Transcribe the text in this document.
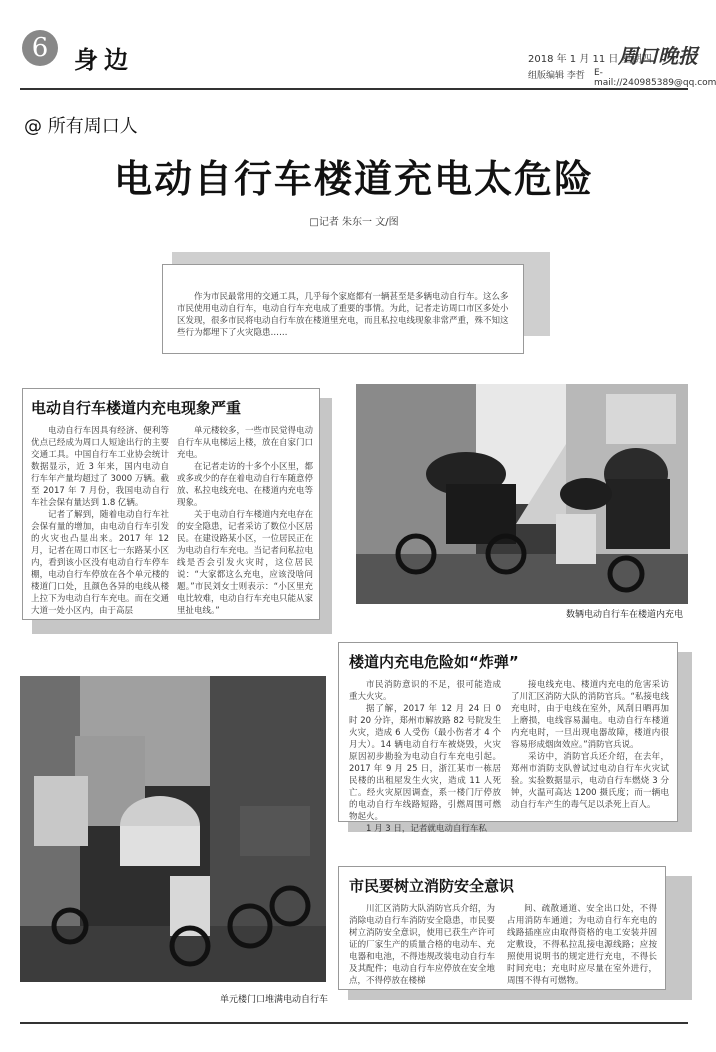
6	身边	2018 年 1 月 11 日 星期四
周口晚报
组版编辑 李哲 E-mail://240985389@qq.com
@ 所有周口人
电动自行车楼道充电太危险
□记者 朱东一 文/图
作为市民最常用的交通工具，几乎每个家庭都有一辆甚至是多辆电动自行车。这么多市民使用电动自行车，电动自行车充电成了重要的事情。为此，记者走访周口市区多处小区发现，很多市民将电动自行车放在楼道里充电，而且私拉电线现象非常严重，殊不知这些行为都埋下了火灾隐患……
电动自行车楼道内充电现象严重

电动自行车因具有经济、便利等优点已经成为周口人短途出行的主要交通工具。中国自行车工业协会统计数据显示，近 3 年来，国内电动自行车年产量均超过了 3000 万辆。截至 2017 年 7 月份，我国电动自行车社会保有量达到 1.8 亿辆。

记者了解到，随着电动自行车社会保有量的增加，由电动自行车引发的火灾也凸显出来。2017 年 12 月，记者在周口市区七一东路某小区内，看到该小区没有电动自行车停车棚，电动自行车停放在各个单元楼的楼道门口处，且颜色各异的电线从楼上拉下为电动自行车充电。而在交通大道一处小区内，由于高层

单元楼较多，一些市民觉得电动自行车从电梯运上楼，放在自家门口充电。

在记者走访的十多个小区里，都或多或少的存在着电动自行车随意停放、私拉电线充电、在楼道内充电等现象。

关于电动自行车楼道内充电存在的安全隐患，记者采访了数位小区居民。在建设路某小区，一位居民正在为电动自行车充电。当记者问私拉电线是否会引发火灾时，这位居民说：“大家都这么充电，应该没啥问题。”市民刘女士则表示：“小区里充电比较难，电动自行车充电只能从家里扯电线。”	数辆电动自行车在楼道内充电
楼道内充电危险如“炸弹”

市民消防意识的不足，很可能造成重大火灾。

据了解，2017 年 12 月 24 日 0 时 20 分许，郑州市解放路 82 号院发生火灾，造成 6 人受伤（最小伤者才 4 个月大）。14 辆电动自行车被烧毁，火灾原因初步勘验为电动自行车充电引起。2017 年 9 月 25 日，浙江某市一栋居民楼的出租屋发生火灾，造成 11 人死亡。经火灾原因调查，系一楼门厅停放的电动自行车线路短路，引燃周围可燃物起火。

1 月 3 日，记者就电动自行车私

接电线充电、楼道内充电的危害采访了川汇区消防大队的消防官兵。“私接电线充电时，由于电线在室外，风刮日晒再加上磨损，电线容易漏电。电动自行车楼道内充电时，一旦出现电器故障，楼道内很容易形成烟囱效应。”消防官兵说。

采访中，消防官兵还介绍，在去年，郑州市消防支队曾试过电动自行车火灾试验。实验数据显示，电动自行车燃烧 3 分钟，火温可高达 1200 摄氏度；而一辆电动自行车产生的毒气足以杀死上百人。

单元楼门口堆满电动自行车
市民要树立消防安全意识

川汇区消防大队消防官兵介绍，为消除电动自行车消防安全隐患，市民要树立消防安全意识，使用已获生产许可证的厂家生产的质量合格的电动车、充电器和电池，不得违规改装电动自行车及其配件；电动自行车应停放在安全地点，不得停放在楼梯

间、疏散通道、安全出口处，不得占用消防车通道；为电动自行车充电的线路插座应由取得资格的电工安装并固定敷设，不得私拉乱接电源线路；应按照使用说明书的规定进行充电，不得长时间充电；充电时应尽量在室外进行，周围不得有可燃物。
